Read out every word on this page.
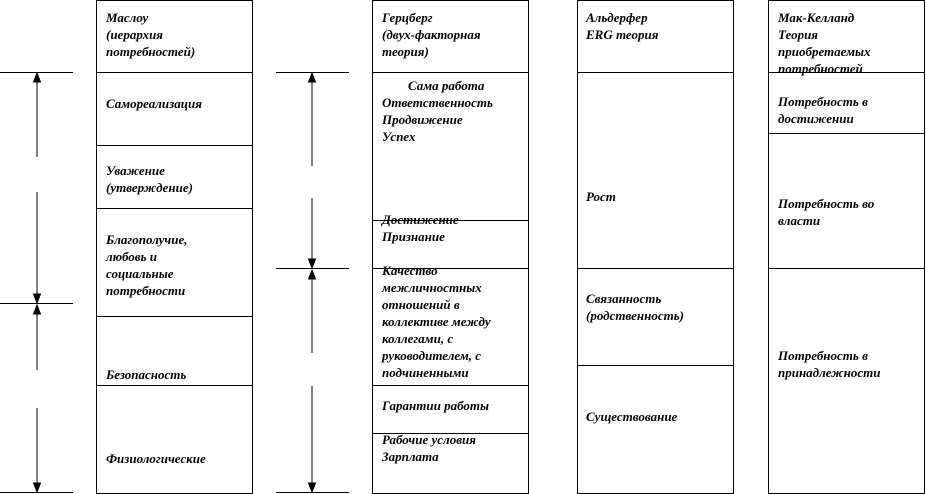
Маслоу
(иерархия
потребностей)
Самореализация
Уважение
(утверждение)
Благополучие,
любовь и
социальные
потребности
Безопасность
Физиологические
Герцберг
(двух-факторная
теория)
Сама работа
Ответственность
Продвижение
Успех
Достижение
Признание
Качество
межличностных
отношений в
коллективе между
коллегами, с
руководителем, с
подчиненными
Гарантии работы
Рабочие условия
Зарплата
Альдерфер
ERG теория
Рост
Связанность
(родственность)
Существование
Мак-Келланд
Теория
приобретаемых
потребностей
Потребность в
достижении
Потребность во
власти
Потребность в
принадлежности
